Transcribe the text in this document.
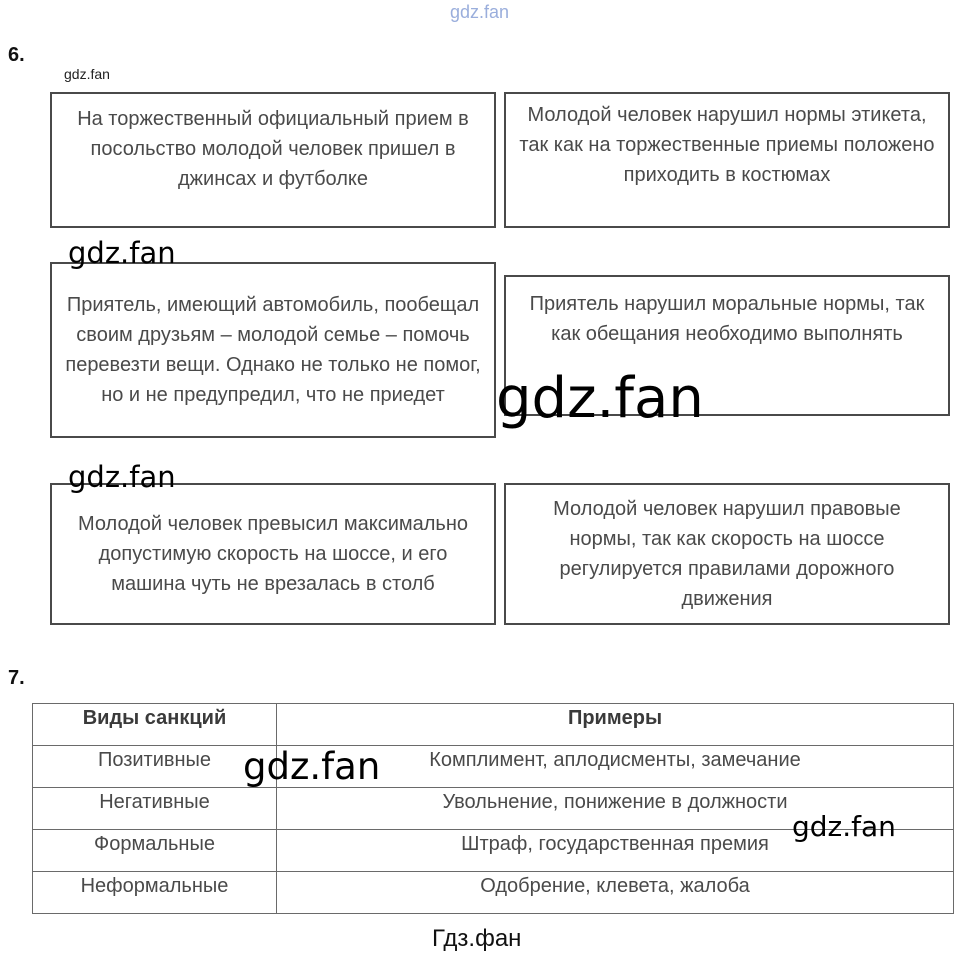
gdz.fan
6.
gdz.fan
На торжественный официальный прием в посольство молодой человек пришел в джинсах и футболке
Молодой человек нарушил нормы этикета, так как на торжественные приемы положено приходить в костюмах
Приятель, имеющий автомобиль, пообещал своим друзьям – молодой семье – помочь перевезти вещи. Однако не только не помог, но и не предупредил, что не приедет
Приятель нарушил моральные нормы, так как обещания необходимо выполнять
Молодой человек превысил максимально допустимую скорость на шоссе, и его машина чуть не врезалась в столб
Молодой человек нарушил правовые нормы, так как скорость на шоссе регулируется правилами дорожного движения
7.
Виды санкций	Примеры
Позитивные	Комплимент, аплодисменты, замечание
Негативные	Увольнение, понижение в должности
Формальные	Штраф, государственная премия
Неформальные	Одобрение, клевета, жалоба
gdz.fan
gdz.fan
gdz.fan
gdz.fan
gdz.fan
Гдз.фан
